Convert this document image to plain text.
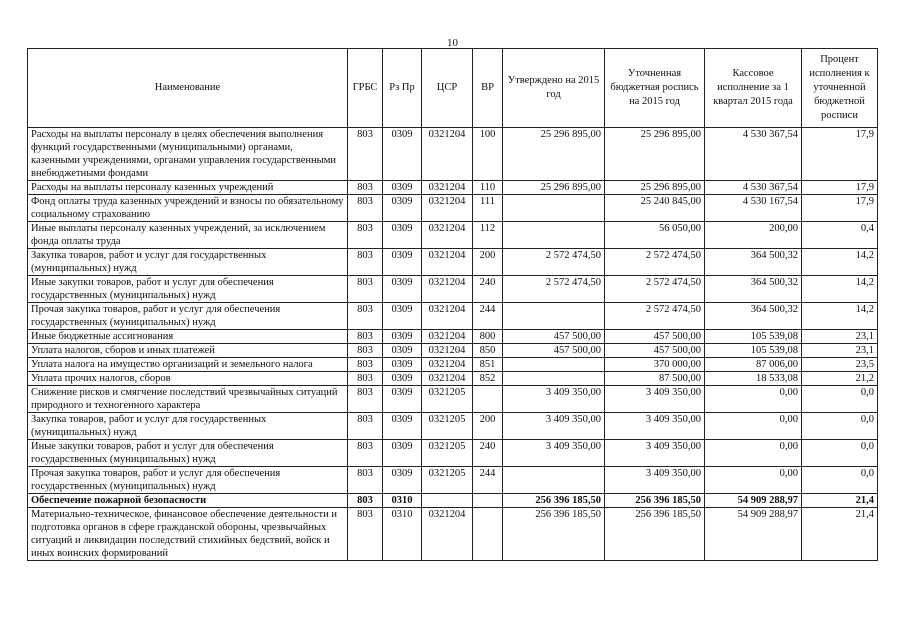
10
Наименование	ГРБС	Рз Пр	ЦСР	ВР	Утверждено на 2015 год	Уточненная бюджетная роспись на 2015 год	Кассовое исполнение за 1 квартал 2015 года	Процент исполнения к уточненной бюджетной росписи
Расходы на выплаты персоналу в целях обеспечения выполнения функций государственными (муниципальными) органами, казенными учреждениями, органами управления государственными внебюджетными фондами	803	0309	0321204	100	25 296 895,00	25 296 895,00	4 530 367,54	17,9
Расходы на выплаты персоналу казенных учреждений	803	0309	0321204	110	25 296 895,00	25 296 895,00	4 530 367,54	17,9
Фонд оплаты труда казенных учреждений и взносы по обязательному социальному страхованию	803	0309	0321204	111		25 240 845,00	4 530 167,54	17,9
Иные выплаты персоналу казенных учреждений, за исключением фонда оплаты труда	803	0309	0321204	112		56 050,00	200,00	0,4
Закупка товаров, работ и услуг для государственных (муниципальных) нужд	803	0309	0321204	200	2 572 474,50	2 572 474,50	364 500,32	14,2
Иные закупки товаров, работ и услуг для обеспечения государственных (муниципальных) нужд	803	0309	0321204	240	2 572 474,50	2 572 474,50	364 500,32	14,2
Прочая закупка товаров, работ и услуг для обеспечения государственных (муниципальных) нужд	803	0309	0321204	244		2 572 474,50	364 500,32	14,2
Иные бюджетные ассигнования	803	0309	0321204	800	457 500,00	457 500,00	105 539,08	23,1
Уплата налогов, сборов и иных платежей	803	0309	0321204	850	457 500,00	457 500,00	105 539,08	23,1
Уплата налога на имущество организаций и земельного налога	803	0309	0321204	851		370 000,00	87 006,00	23,5
Уплата прочих налогов, сборов	803	0309	0321204	852		87 500,00	18 533,08	21,2
Снижение рисков и смягчение последствий чрезвычайных ситуаций природного и техногенного характера	803	0309	0321205		3 409 350,00	3 409 350,00	0,00	0,0
Закупка товаров, работ и услуг для государственных (муниципальных) нужд	803	0309	0321205	200	3 409 350,00	3 409 350,00	0,00	0,0
Иные закупки товаров, работ и услуг для обеспечения государственных (муниципальных) нужд	803	0309	0321205	240	3 409 350,00	3 409 350,00	0,00	0,0
Прочая закупка товаров, работ и услуг для обеспечения государственных (муниципальных) нужд	803	0309	0321205	244		3 409 350,00	0,00	0,0
Обеспечение пожарной безопасности	803	0310			256 396 185,50	256 396 185,50	54 909 288,97	21,4
Материально-техническое, финансовое обеспечение деятельности и подготовка органов в сфере гражданской обороны, чрезвычайных ситуаций и ликвидации последствий стихийных бедствий, войск и иных воинских формирований	803	0310	0321204		256 396 185,50	256 396 185,50	54 909 288,97	21,4
